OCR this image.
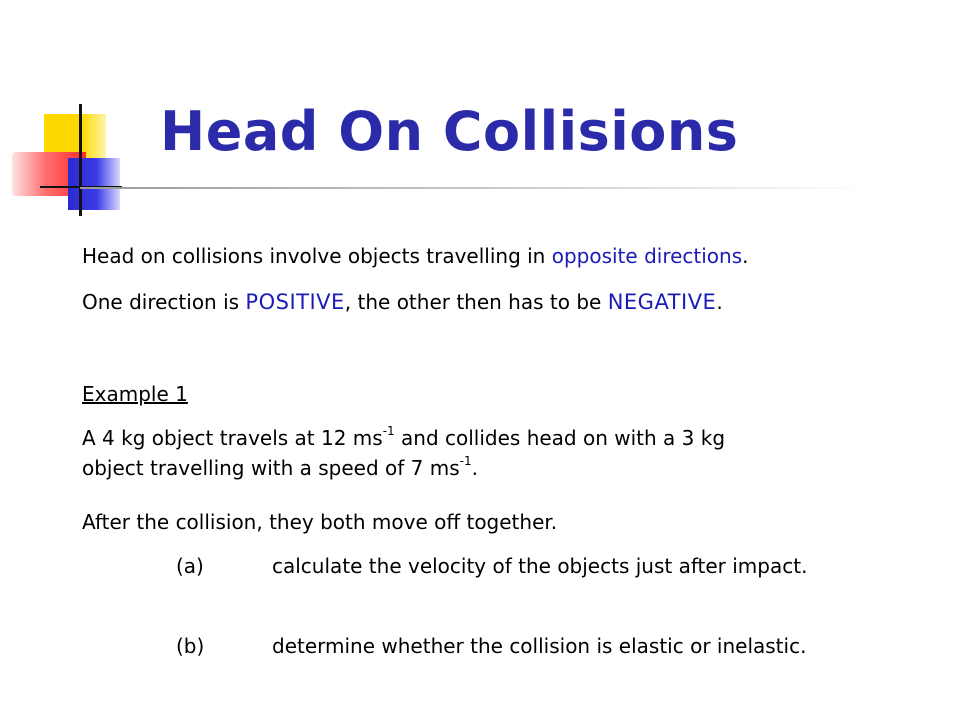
Head On Collisions
Head on collisions involve objects travelling in opposite directions.
One direction is POSITIVE, the other then has to be NEGATIVE.
Example 1
A 4 kg object travels at 12 $ms^{-1}$ and collides head on with a 3 kg
object travelling with a speed of 7 $ms^{-1}$.
After the collision, they both move off together.
(a)	calculate the velocity of the objects just after impact.
(b)	determine whether the collision is elastic or inelastic.
